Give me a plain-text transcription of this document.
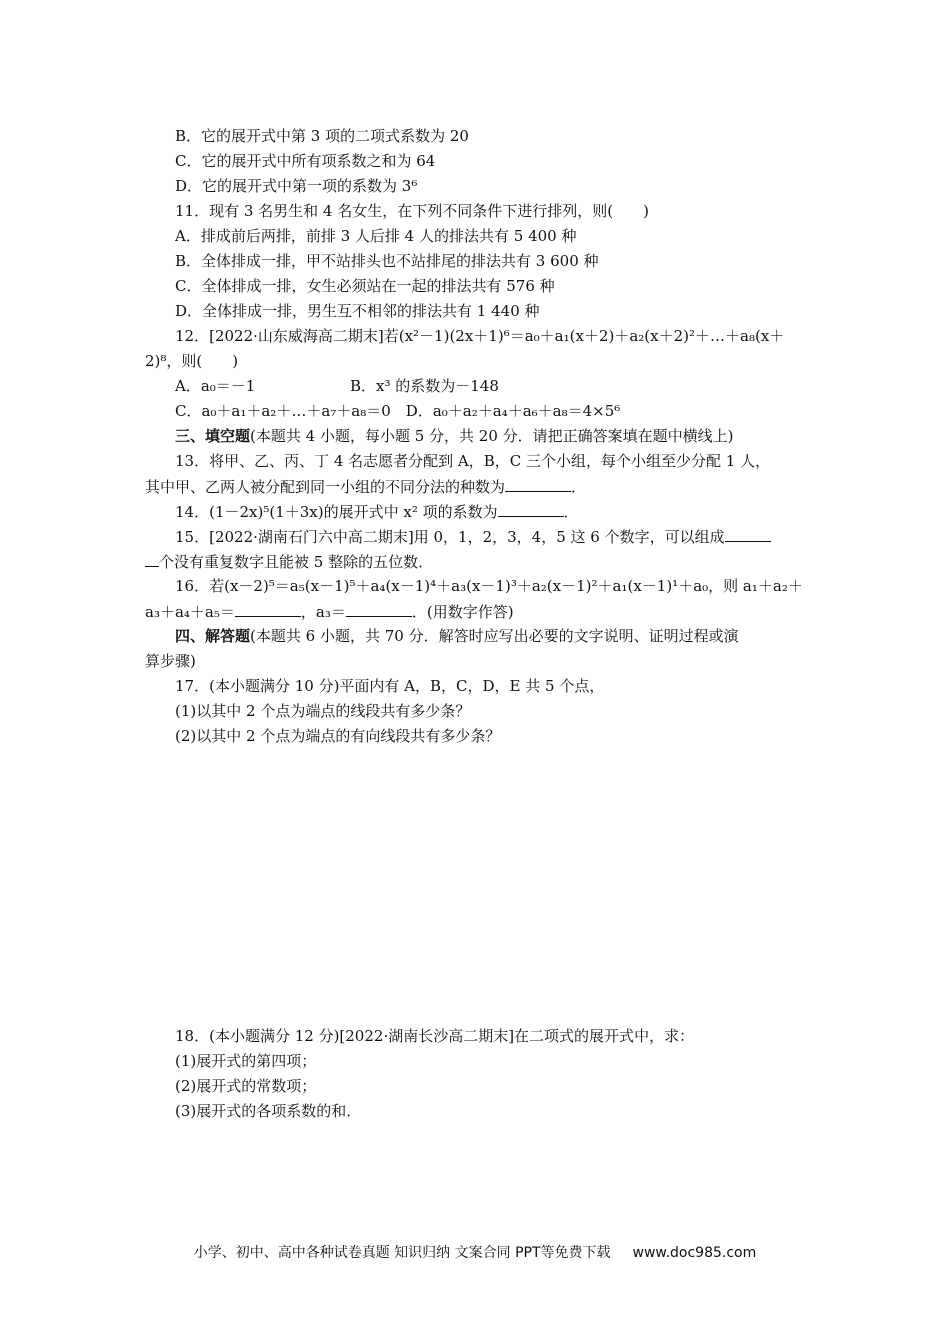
B．它的展开式中第 3 项的二项式系数为 20
C．它的展开式中所有项系数之和为 64
D．它的展开式中第一项的系数为 3⁶
11．现有 3 名男生和 4 名女生，在下列不同条件下进行排列，则(　　)
A．排成前后两排，前排 3 人后排 4 人的排法共有 5 400 种
B．全体排成一排，甲不站排头也不站排尾的排法共有 3 600 种
C．全体排成一排，女生必须站在一起的排法共有 576 种
D．全体排成一排，男生互不相邻的排法共有 1 440 种
12．[2022·山东威海高二期末]若(x²－1)(2x＋1)⁶＝a₀＋a₁(x＋2)＋a₂(x＋2)²＋…＋a₈(x＋
2)⁸，则(　　)
A．a₀＝－1	B．x³ 的系数为－148
C．a₀＋a₁＋a₂＋…＋a₇＋a₈＝0　D．a₀＋a₂＋a₄＋a₆＋a₈＝4×5⁶
三、填空题(本题共 4 小题，每小题 5 分，共 20 分．请把正确答案填在题中横线上)
13．将甲、乙、丙、丁 4 名志愿者分配到 A，B，C 三个小组，每个小组至少分配 1 人，
其中甲、乙两人被分配到同一小组的不同分法的种数为	．
14．(1－2x)⁵(1＋3x)的展开式中 x² 项的系数为	．
15．[2022·湖南石门六中高二期末]用 0，1，2，3，4，5 这 6 个数字，可以组成
个没有重复数字且能被 5 整除的五位数．
16．若(x－2)⁵＝a₅(x－1)⁵＋a₄(x－1)⁴＋a₃(x－1)³＋a₂(x－1)²＋a₁(x－1)¹＋a₀，则 a₁＋a₂＋
a₃＋a₄＋a₅＝	，a₃＝	．(用数字作答)
四、解答题(本题共 6 小题，共 70 分．解答时应写出必要的文字说明、证明过程或演
算步骤)
17．(本小题满分 10 分)平面内有 A，B，C，D，E 共 5 个点，
(1)以其中 2 个点为端点的线段共有多少条？
(2)以其中 2 个点为端点的有向线段共有多少条？
18．(本小题满分 12 分)[2022·湖南长沙高二期末]在二项式的展开式中，求：
(1)展开式的第四项；
(2)展开式的常数项；
(3)展开式的各项系数的和．
小学、初中、高中各种试卷真题 知识归纳 文案合同 PPT等免费下载 www.doc985.com
